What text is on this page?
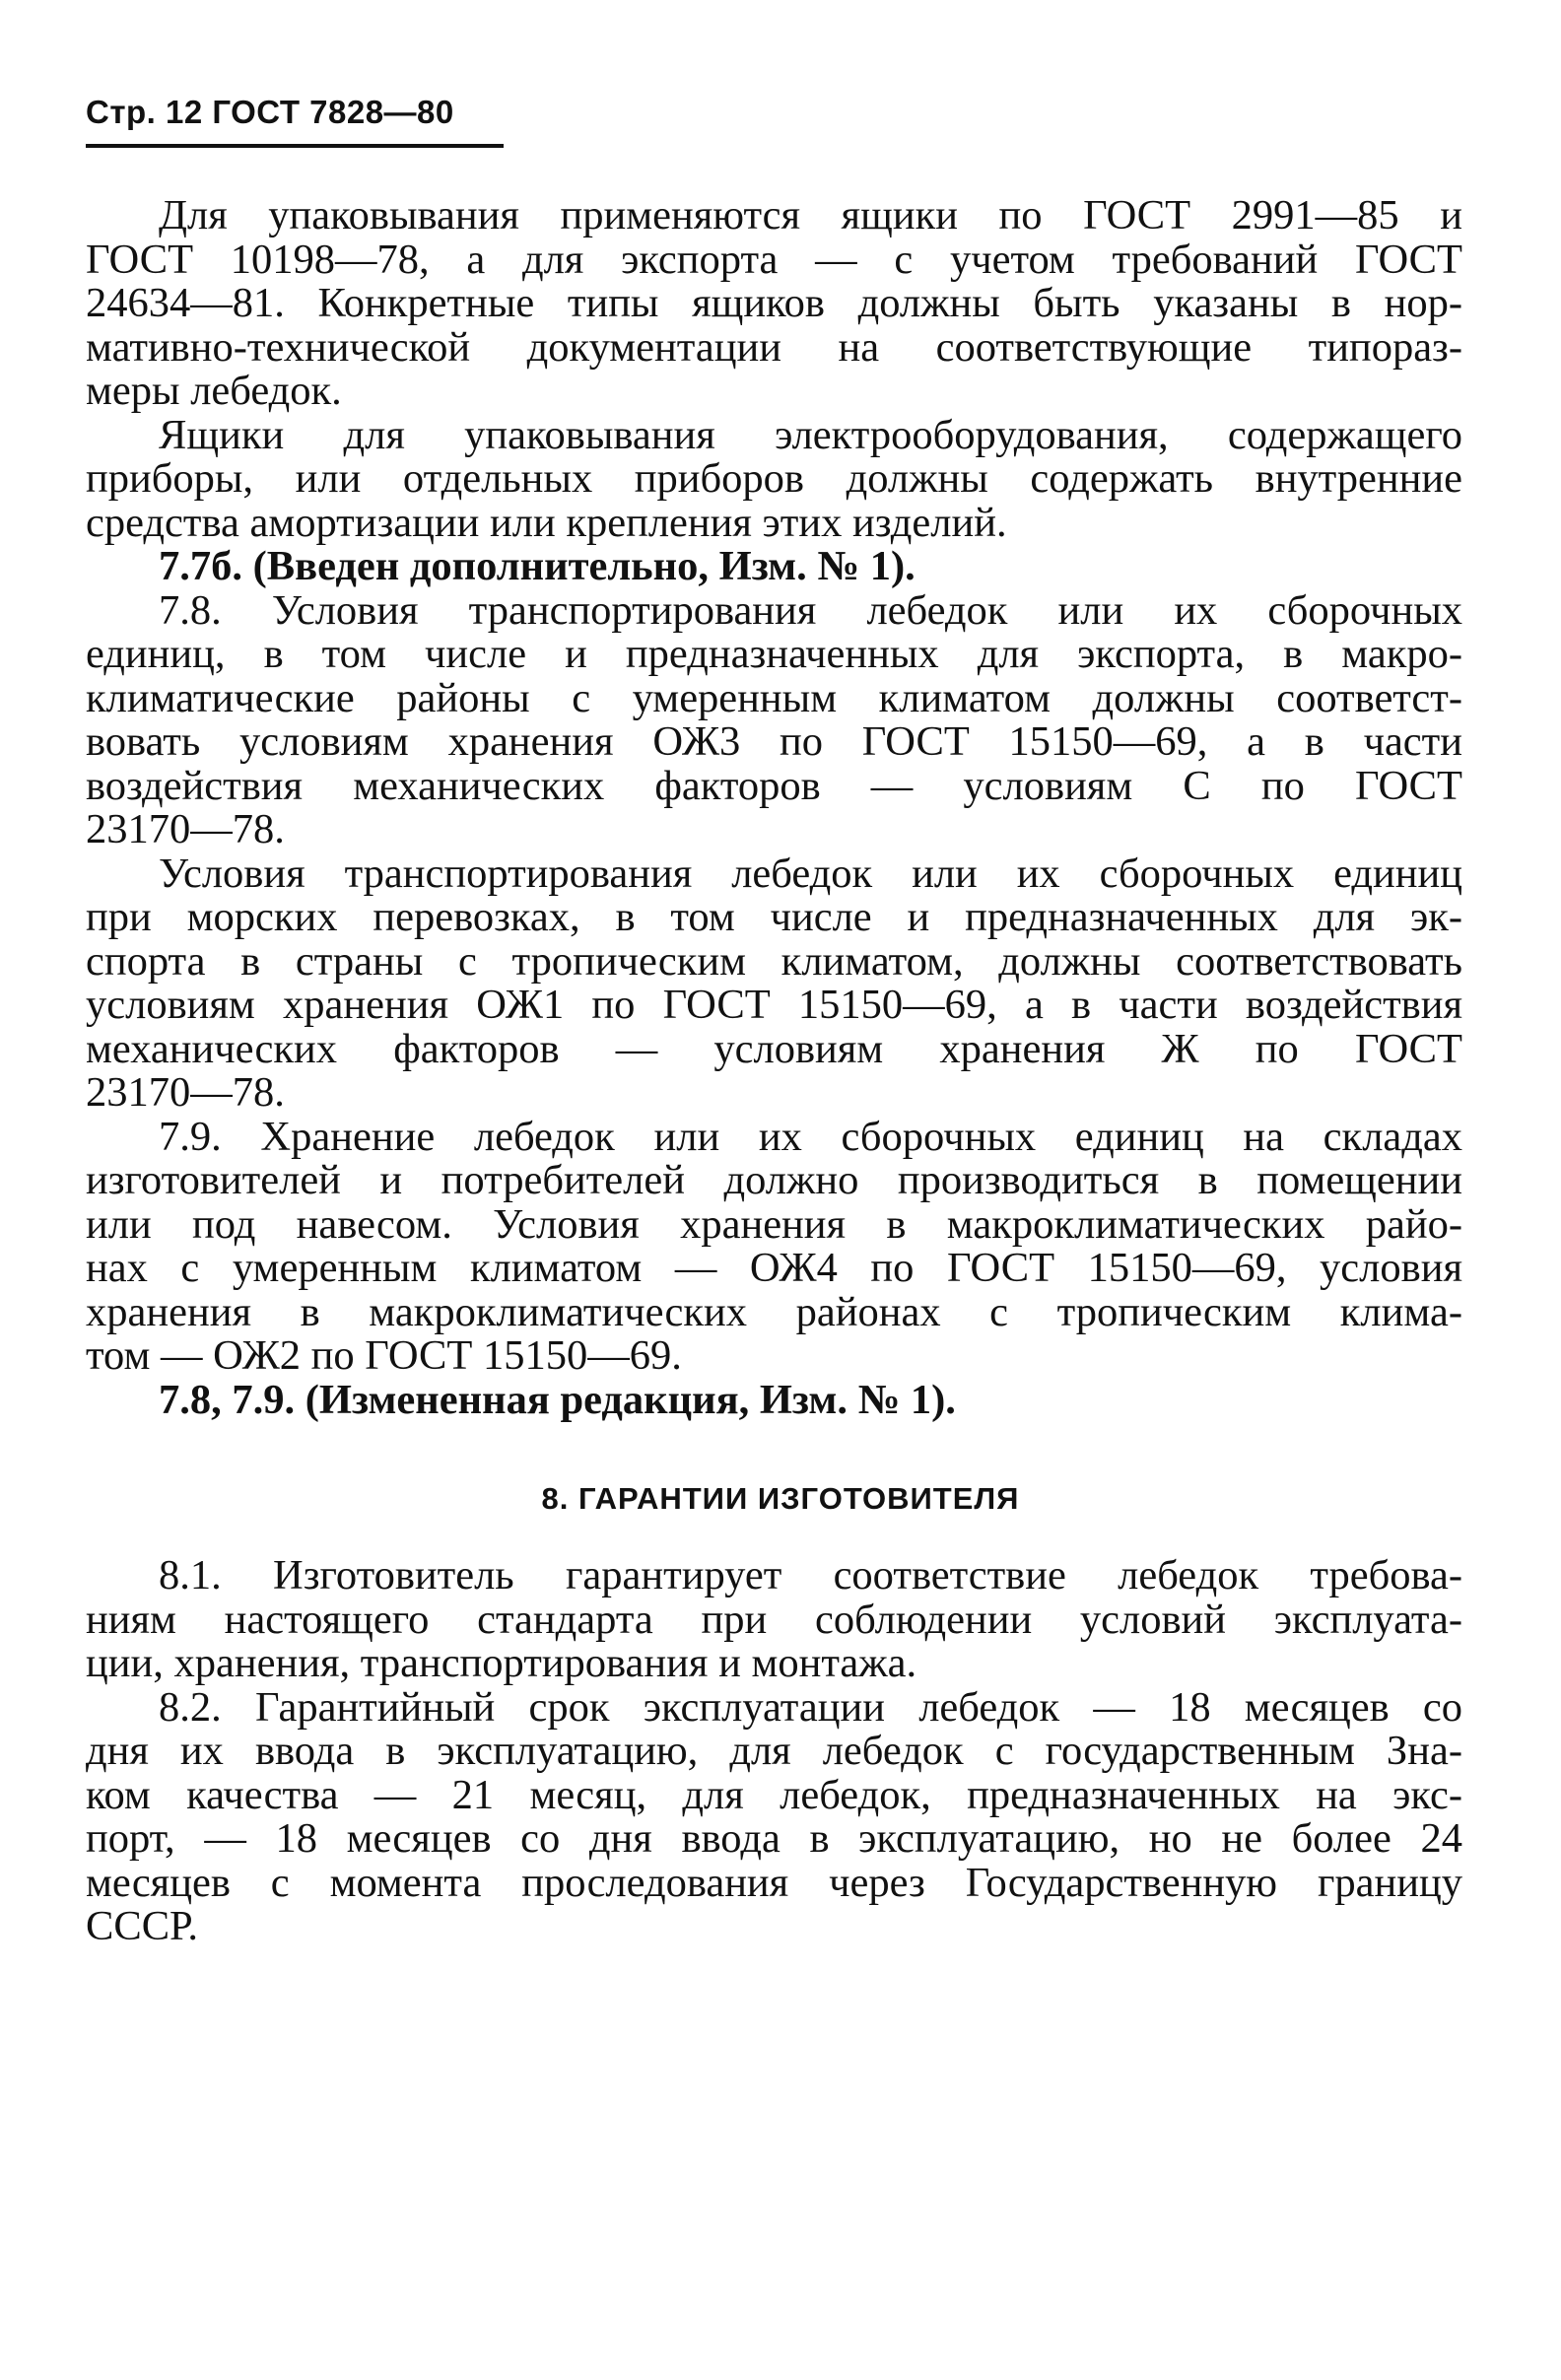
Стр. 12 ГОСТ 7828—80
Для упаковывания применяются ящики по ГОСТ 2991—85 и
ГОСТ 10198—78, а для экспорта — с учетом требований ГОСТ
24634—81. Конкретные типы ящиков должны быть указаны в нор-
мативно-технической документации на соответствующие типораз-
меры лебедок.
Ящики для упаковывания электрооборудования, содержащего
приборы, или отдельных приборов должны содержать внутренние
средства амортизации или крепления этих изделий.
7.7б. (Введен дополнительно, Изм. № 1).
7.8. Условия транспортирования лебедок или их сборочных
единиц, в том числе и предназначенных для экспорта, в макро-
климатические районы с умеренным климатом должны соответст-
вовать условиям хранения ОЖ3 по ГОСТ 15150—69, а в части
воздействия механических факторов — условиям С по ГОСТ
23170—78.
Условия транспортирования лебедок или их сборочных единиц
при морских перевозках, в том числе и предназначенных для эк-
спорта в страны с тропическим климатом, должны соответствовать
условиям хранения ОЖ1 по ГОСТ 15150—69, а в части воздействия
механических факторов — условиям хранения Ж по ГОСТ
23170—78.
7.9. Хранение лебедок или их сборочных единиц на складах
изготовителей и потребителей должно производиться в помещении
или под навесом. Условия хранения в макроклиматических райо-
нах с умеренным климатом — ОЖ4 по ГОСТ 15150—69, условия
хранения в макроклиматических районах с тропическим клима-
том — ОЖ2 по ГОСТ 15150—69.
7.8, 7.9. (Измененная редакция, Изм. № 1).
8. ГАРАНТИИ ИЗГОТОВИТЕЛЯ
8.1. Изготовитель гарантирует соответствие лебедок требова-
ниям настоящего стандарта при соблюдении условий эксплуата-
ции, хранения, транспортирования и монтажа.
8.2. Гарантийный срок эксплуатации лебедок — 18 месяцев со
дня их ввода в эксплуатацию, для лебедок с государственным Зна-
ком качества — 21 месяц, для лебедок, предназначенных на экс-
порт, — 18 месяцев со дня ввода в эксплуатацию, но не более 24
месяцев с момента проследования через Государственную границу
СССР.
